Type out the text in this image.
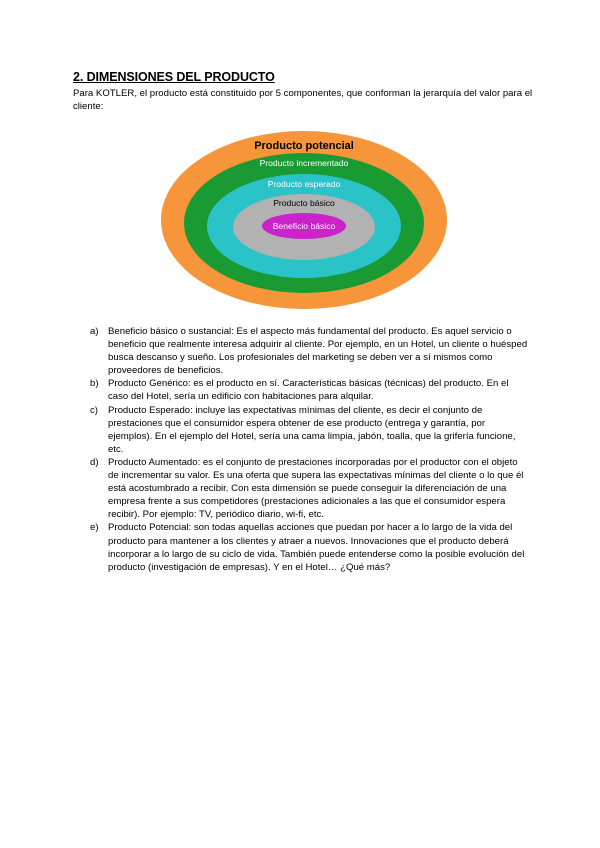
2. DIMENSIONES DEL PRODUCTO
Para KOTLER, el producto está constituido por 5 componentes, que conforman la jerarquía del valor para el cliente:
Producto potencial
Producto incrementado
Producto esperado
Producto básico
Beneficio básico
a) Beneficio básico o sustancial: Es el aspecto más fundamental del producto. Es aquel servicio o beneficio que realmente interesa adquirir al cliente. Por ejemplo, en un Hotel, un cliente o huésped busca descanso y sueño. Los profesionales del marketing se deben ver a sí mismos como proveedores de beneficios.
b) Producto Genérico: es el producto en sí. Características básicas (técnicas) del producto. En el caso del Hotel, sería un edificio con habitaciones para alquilar.
c) Producto Esperado: incluye las expectativas mínimas del cliente, es decir el conjunto de prestaciones que el consumidor espera obtener de ese producto (entrega y garantía, por ejemplos). En el ejemplo del Hotel, sería una cama limpia, jabón, toalla, que la grifería funcione, etc.
d) Producto Aumentado: es el conjunto de prestaciones incorporadas por el productor con el objeto de incrementar su valor. Es una oferta que supera las expectativas mínimas del cliente o lo que él está acostumbrado a recibir. Con esta dimensión se puede conseguir la diferenciación de una empresa frente a sus competidores (prestaciones adicionales a las que el consumidor espera recibir). Por ejemplo: TV, periódico diario, wi-fi, etc.
e) Producto Potencial: son todas aquellas acciones que puedan por hacer a lo largo de la vida del producto para mantener a los clientes y atraer a nuevos. Innovaciones que el producto deberá incorporar a lo largo de su ciclo de vida. También puede entenderse como la posible evolución del producto (investigación de empresas). Y en el Hotel… ¿Qué más?
